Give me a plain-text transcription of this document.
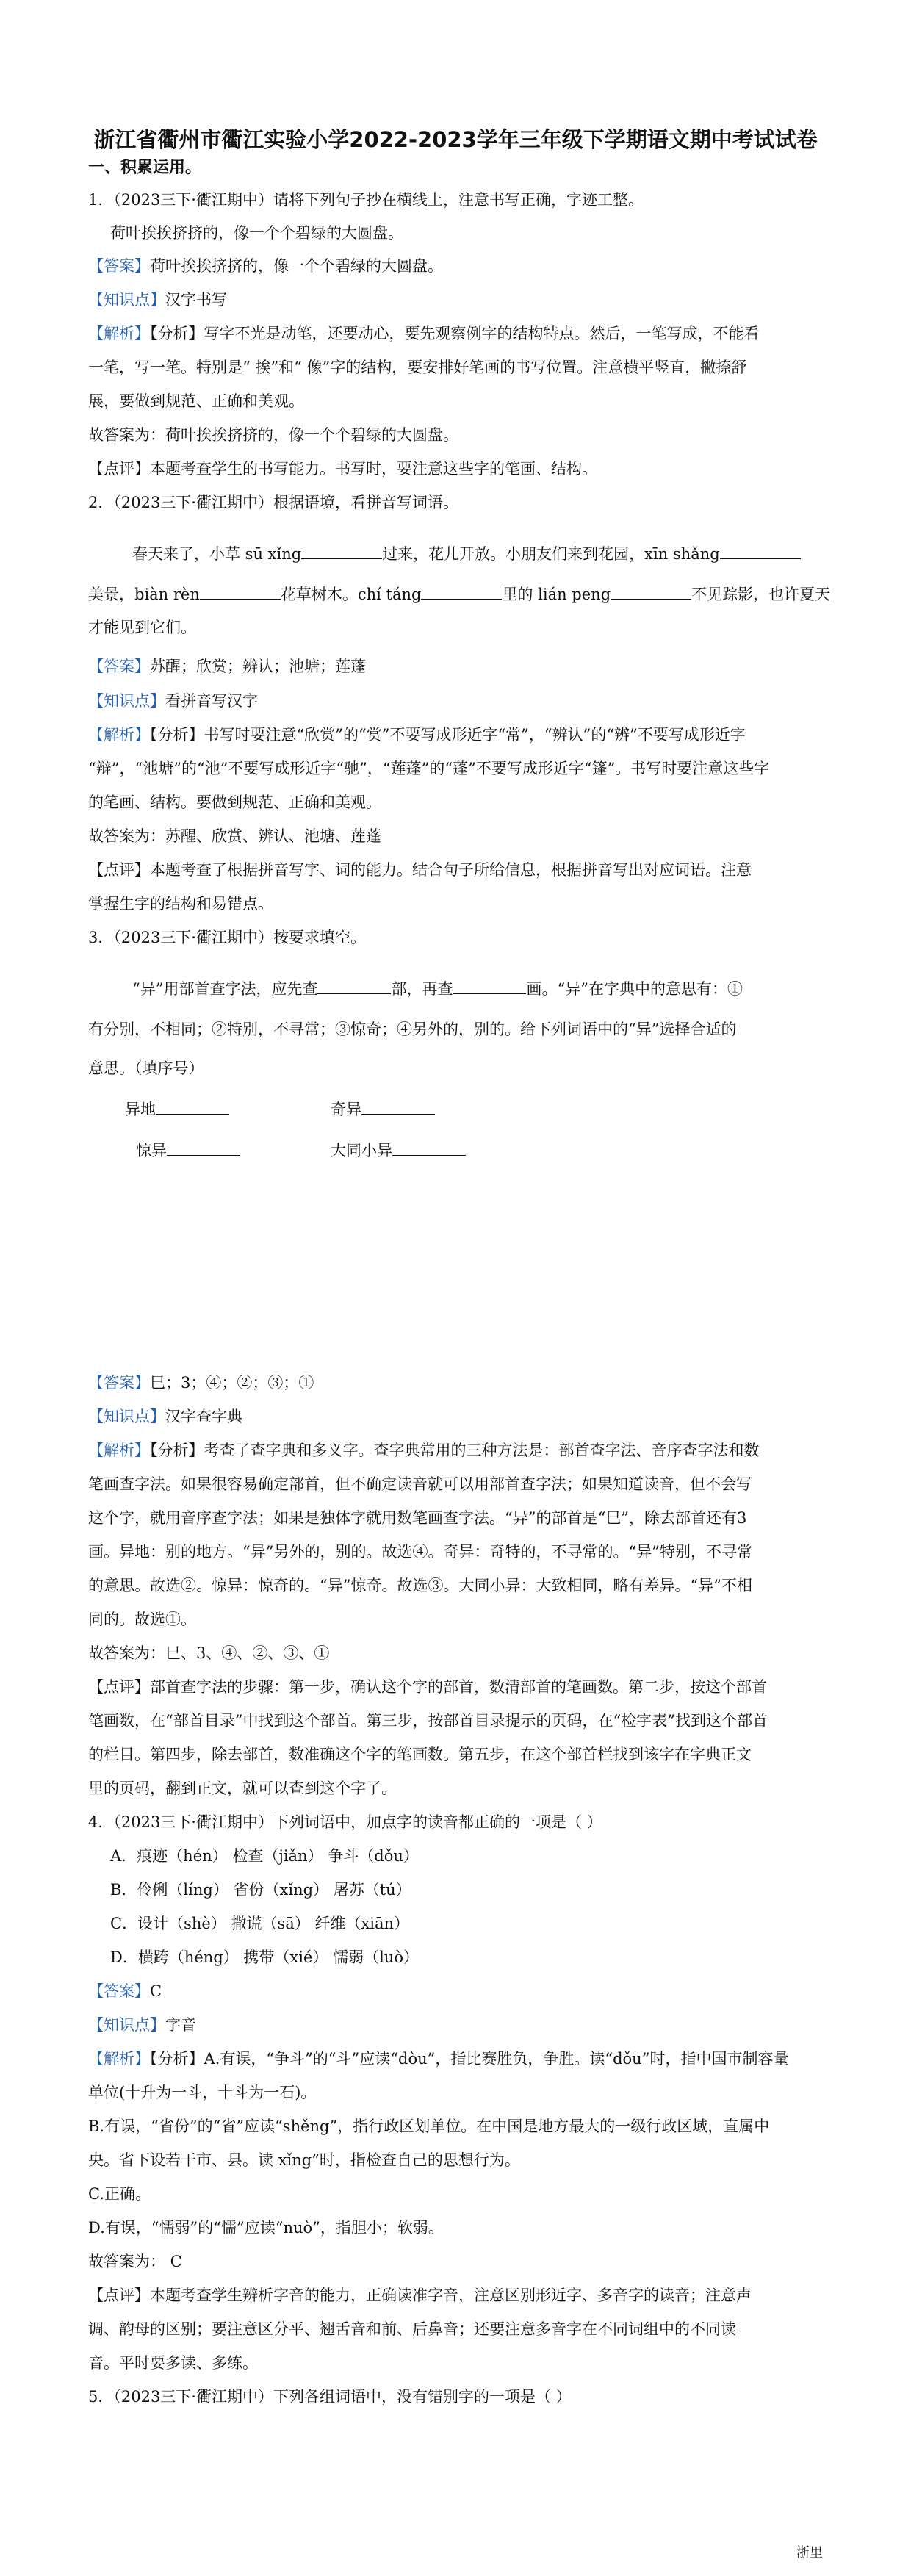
浙江省衢州市衢江实验小学2022-2023学年三年级下学期语文期中考试试卷
一、积累运用。
1．（2023三下·衢江期中）请将下列句子抄在横线上，注意书写正确，字迹工整。
荷叶挨挨挤挤的，像一个个碧绿的大圆盘。
【答案】荷叶挨挨挤挤的，像一个个碧绿的大圆盘。
【知识点】汉字书写
【解析】【分析】写字不光是动笔，还要动心，要先观察例字的结构特点。然后，一笔写成，不能看
一笔，写一笔。特别是“ 挨”和“ 像”字的结构，要安排好笔画的书写位置。注意横平竖直，撇捺舒
展，要做到规范、正确和美观。
故答案为：荷叶挨挨挤挤的，像一个个碧绿的大圆盘。
【点评】本题考查学生的书写能力。书写时，要注意这些字的笔画、结构。
2．（2023三下·衢江期中）根据语境，看拼音写词语。
春天来了，小草 sū xǐng	过来，花儿开放。小朋友们来到花园，xīn shǎng
美景，biàn rèn	花草树木。chí táng	里的 lián peng	不见踪影，也许夏天
才能见到它们。
【答案】苏醒；欣赏；辨认；池塘；莲蓬
【知识点】看拼音写汉字
【解析】【分析】书写时要注意“欣赏”的“赏”不要写成形近字“常”，“辨认”的“辨”不要写成形近字
“辩”，“池塘”的“池”不要写成形近字“驰”，“莲蓬”的“蓬”不要写成形近字“篷”。书写时要注意这些字
的笔画、结构。要做到规范、正确和美观。
故答案为：苏醒、欣赏、辨认、池塘、莲蓬
【点评】本题考查了根据拼音写字、词的能力。结合句子所给信息，根据拼音写出对应词语。注意
掌握生字的结构和易错点。
3．（2023三下·衢江期中）按要求填空。
“异”用部首查字法，应先查	部，再查	画。“异”在字典中的意思有：①
有分别，不相同；②特别，不寻常；③惊奇；④另外的，别的。给下列词语中的“异”选择合适的
意思。（填序号）
异地	奇异
惊异	大同小异
【答案】巳；3；④；②；③；①
【知识点】汉字查字典
【解析】【分析】考查了查字典和多义字。查字典常用的三种方法是：部首查字法、音序查字法和数
笔画查字法。如果很容易确定部首，但不确定读音就可以用部首查字法；如果知道读音，但不会写
这个字，就用音序查字法；如果是独体字就用数笔画查字法。“异”的部首是“巳”，除去部首还有3
画。异地：别的地方。“异”另外的，别的。故选④。奇异：奇特的，不寻常的。“异”特别，不寻常
的意思。故选②。惊异：惊奇的。“异”惊奇。故选③。大同小异：大致相同，略有差异。“异”不相
同的。故选①。
故答案为：巳、3、④、②、③、①
【点评】部首查字法的步骤：第一步，确认这个字的部首，数清部首的笔画数。第二步，按这个部首
笔画数，在“部首目录”中找到这个部首。第三步，按部首目录提示的页码，在“检字表”找到这个部首
的栏目。第四步，除去部首，数准确这个字的笔画数。第五步，在这个部首栏找到该字在字典正文
里的页码，翻到正文，就可以查到这个字了。
4．（2023三下·衢江期中）下列词语中，加点字的读音都正确的一项是（ ）
A．痕迹（hén） 检查（jiǎn） 争斗（dǒu）
B．伶俐（líng） 省份（xǐng） 屠苏（tú）
C．设计（shè） 撒谎（sā） 纤维（xiān）
D．横跨（héng） 携带（xié） 懦弱（luò）
【答案】C
【知识点】字音
【解析】【分析】A.有误，“争斗”的“斗”应读“dòu”，指比赛胜负，争胜。读“dǒu”时，指中国市制容量
单位(十升为一斗，十斗为一石)。
B.有误，“省份”的“省”应读“shěng”，指行政区划单位。在中国是地方最大的一级行政区域，直属中
央。省下设若干市、县。读 xǐng”时，指检查自己的思想行为。
C.正确。
D.有误，“懦弱”的“懦”应读“nuò”，指胆小；软弱。
故答案为： C
【点评】本题考查学生辨析字音的能力，正确读准字音，注意区别形近字、多音字的读音；注意声
调、韵母的区别；要注意区分平、翘舌音和前、后鼻音；还要注意多音字在不同词组中的不同读
音。平时要多读、多练。
5．（2023三下·衢江期中）下列各组词语中，没有错别字的一项是（ ）
浙里
